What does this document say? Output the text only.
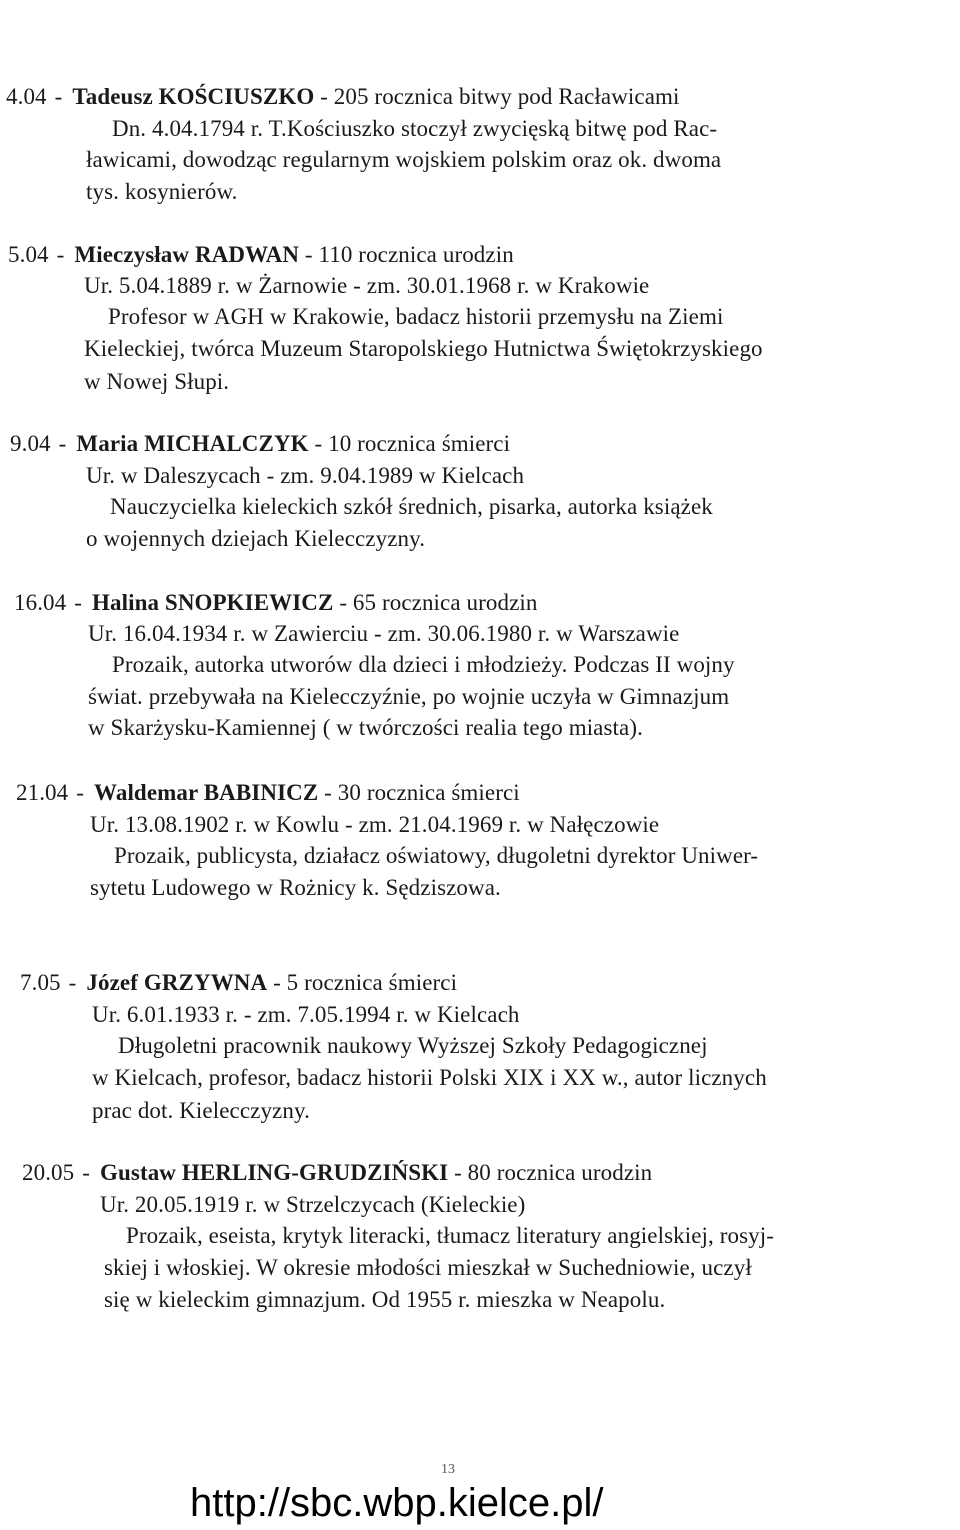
4.04 - Tadeusz KOŚCIUSZKO - 205 rocznica bitwy pod Racławicami
Dn. 4.04.1794 r. T.Kościuszko stoczył zwycięską bitwę pod Rac-
ławicami, dowodząc regularnym wojskiem polskim oraz ok. dwoma
tys. kosynierów.
5.04 - Mieczysław RADWAN - 110 rocznica urodzin
Ur. 5.04.1889 r. w Żarnowie - zm. 30.01.1968 r. w Krakowie
Profesor w AGH w Krakowie, badacz historii przemysłu na Ziemi
Kieleckiej, twórca Muzeum Staropolskiego Hutnictwa Świętokrzyskiego
w Nowej Słupi.
9.04 - Maria MICHALCZYK - 10 rocznica śmierci
Ur. w Daleszycach - zm. 9.04.1989 w Kielcach
Nauczycielka kieleckich szkół średnich, pisarka, autorka książek
o wojennych dziejach Kielecczyzny.
16.04 - Halina SNOPKIEWICZ - 65 rocznica urodzin
Ur. 16.04.1934 r. w Zawierciu - zm. 30.06.1980 r. w Warszawie
Prozaik, autorka utworów dla dzieci i młodzieży. Podczas II wojny
świat. przebywała na Kielecczyźnie, po wojnie uczyła w Gimnazjum
w Skarżysku-Kamiennej ( w twórczości realia tego miasta).
21.04 - Waldemar BABINICZ - 30 rocznica śmierci
Ur. 13.08.1902 r. w Kowlu - zm. 21.04.1969 r. w Nałęczowie
Prozaik, publicysta, działacz oświatowy, długoletni dyrektor Uniwer-
sytetu Ludowego w Rożnicy k. Sędziszowa.
7.05 - Józef GRZYWNA - 5 rocznica śmierci
Ur. 6.01.1933 r. - zm. 7.05.1994 r. w Kielcach
Długoletni pracownik naukowy Wyższej Szkoły Pedagogicznej
w Kielcach, profesor, badacz historii Polski XIX i XX w., autor licznych
prac dot. Kielecczyzny.
20.05 - Gustaw HERLING-GRUDZIŃSKI - 80 rocznica urodzin
Ur. 20.05.1919 r. w Strzelczycach (Kieleckie)
Prozaik, eseista, krytyk literacki, tłumacz literatury angielskiej, rosyj-
skiej i włoskiej. W okresie młodości mieszkał w Suchedniowie, uczył
się w kieleckim gimnazjum. Od 1955 r. mieszka w Neapolu.
13
http://sbc.wbp.kielce.pl/
